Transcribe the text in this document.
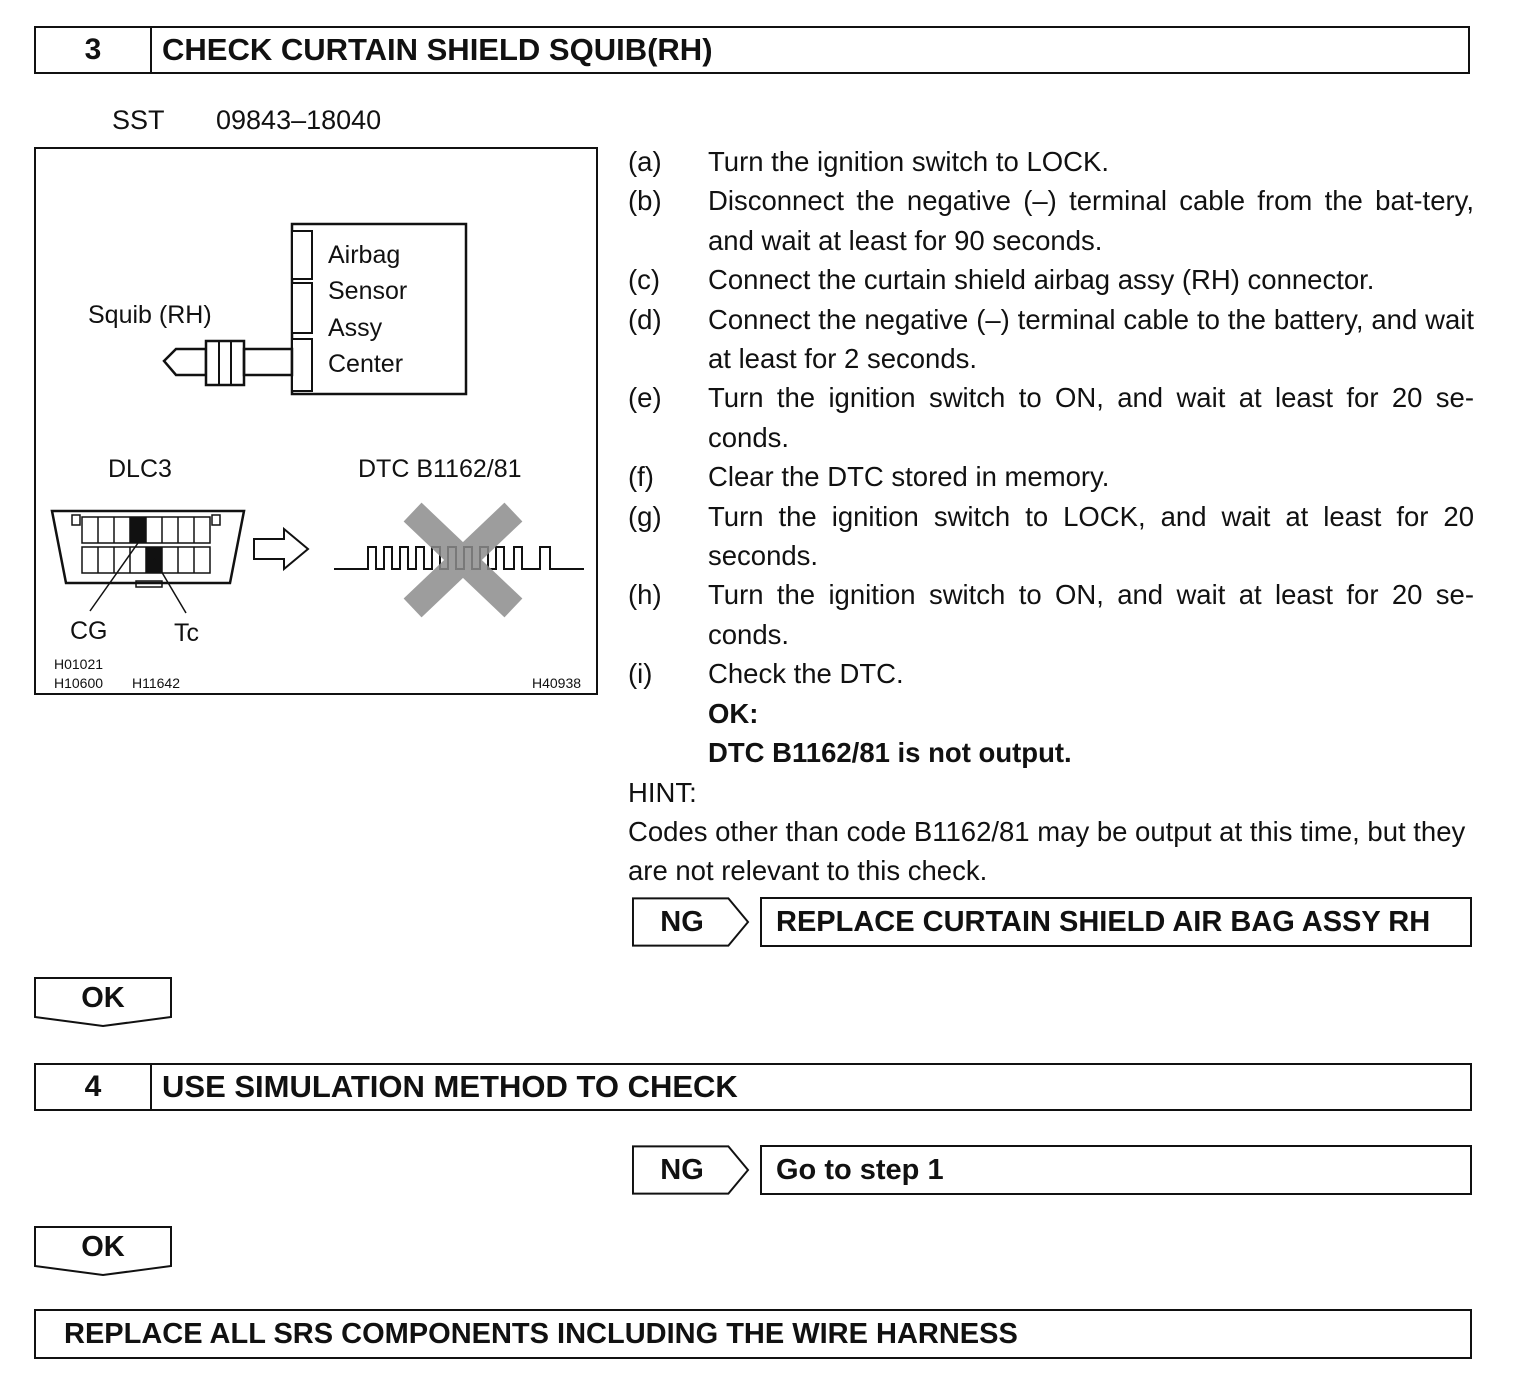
3	CHECK CURTAIN SHIELD SQUIB(RH)
SST 09843–18040
Airbag
Sensor
Assy
Center
Squib (RH)
DLC3	DTC B1162/81
CG	Tc
H01021
H10600 H11642	H40938
(a)	Turn the ignition switch to LOCK.
(b)	Disconnect the negative (–) terminal cable from the bat-tery, and wait at least for 90 seconds.
(c)	Connect the curtain shield airbag assy (RH) connector.
(d)	Connect the negative (–) terminal cable to the battery, and wait at least for 2 seconds.
(e)	Turn the ignition switch to ON, and wait at least for 20 se-conds.
(f)	Clear the DTC stored in memory.
(g)	Turn the ignition switch to LOCK, and wait at least for 20 seconds.
(h)	Turn the ignition switch to ON, and wait at least for 20 se-conds.
(i)	Check the DTC.
OK:
DTC B1162/81 is not output.
HINT:
Codes other than code B1162/81 may be output at this time, but they are not relevant to this check.
NG	REPLACE CURTAIN SHIELD AIR BAG ASSY RH
OK
4	USE SIMULATION METHOD TO CHECK
NG	Go to step 1
OK
REPLACE ALL SRS COMPONENTS INCLUDING THE WIRE HARNESS
